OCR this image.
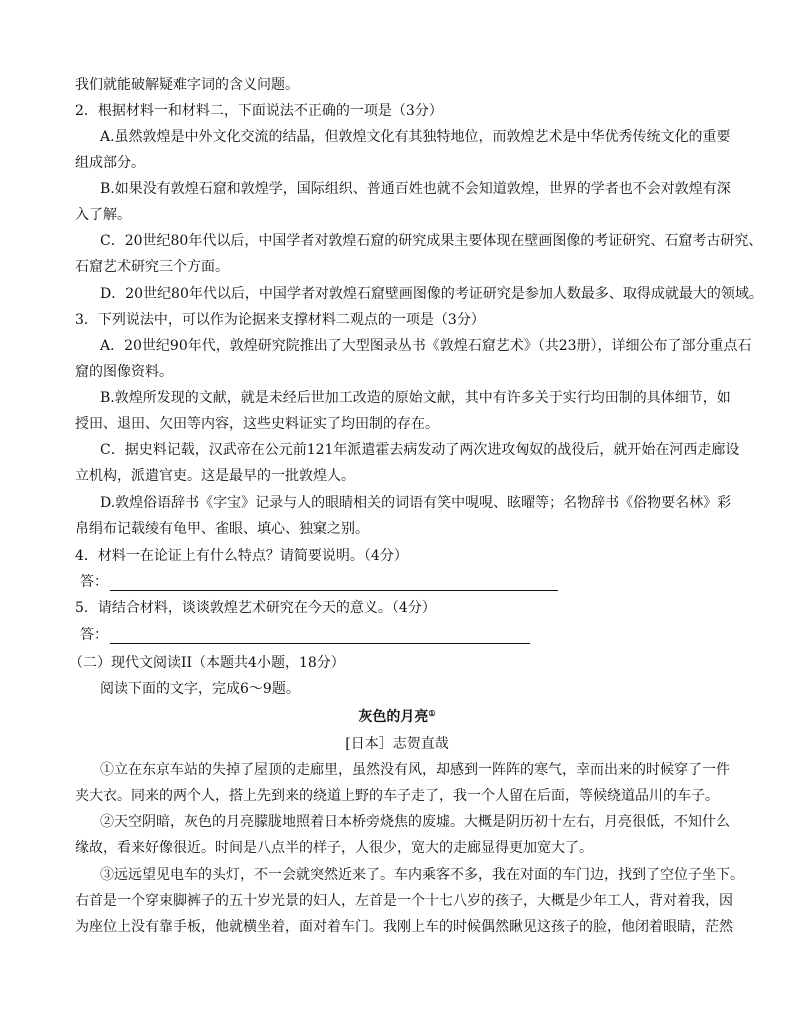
我们就能破解疑难字词的含义问题。
2．根据材料一和材料二，下面说法不正确的一项是（3分）
A.虽然敦煌是中外文化交流的结晶，但敦煌文化有其独特地位，而敦煌艺术是中华优秀传统文化的重要
组成部分。
B.如果没有敦煌石窟和敦煌学，国际组织、普通百姓也就不会知道敦煌，世界的学者也不会对敦煌有深
入了解。
C．20世纪80年代以后，中国学者对敦煌石窟的研究成果主要体现在壁画图像的考证研究、石窟考古研究、
石窟艺术研究三个方面。
D．20世纪80年代以后，中国学者对敦煌石窟壁画图像的考证研究是参加人数最多、取得成就最大的领域。
3．下列说法中，可以作为论据来支撑材料二观点的一项是（3分）
A．20世纪90年代，敦煌研究院推出了大型图录丛书《敦煌石窟艺术》（共23册），详细公布了部分重点石
窟的图像资料。
B.敦煌所发现的文献，就是未经后世加工改造的原始文献，其中有许多关于实行均田制的具体细节，如
授田、退田、欠田等内容，这些史料证实了均田制的存在。
C．据史料记载，汉武帝在公元前121年派遣霍去病发动了两次进攻匈奴的战役后，就开始在河西走廊设
立机构，派遣官吏。这是最早的一批敦煌人。
D.敦煌俗语辞书《字宝》记录与人的眼睛相关的词语有笑中哯哯、眩曜等；名物辞书《俗物要名林》彩
帛绢布记载绫有龟甲、雀眼、填心、独窠之别。
4．材料一在论证上有什么特点？请简要说明。（4分）
答：
5．请结合材料，谈谈敦煌艺术研究在今天的意义。（4分）
答：
（二）现代文阅读II（本题共4小题，18分）
阅读下面的文字，完成6～9题。
灰色的月亮①
[日本］志贺直哉
①立在东京车站的失掉了屋顶的走廊里，虽然没有风，却感到一阵阵的寒气，幸而出来的时候穿了一件
夹大衣。同来的两个人，搭上先到来的绕道上野的车子走了，我一个人留在后面，等候绕道品川的车子。
②天空阴暗，灰色的月亮朦胧地照着日本桥旁烧焦的废墟。大概是阴历初十左右，月亮很低，不知什么
缘故，看来好像很近。时间是八点半的样子，人很少，宽大的走廊显得更加宽大了。
③远远望见电车的头灯，不一会就突然近来了。车内乘客不多，我在对面的车门边，找到了空位子坐下。
右首是一个穿束脚裤子的五十岁光景的妇人，左首是一个十七八岁的孩子，大概是少年工人，背对着我，因
为座位上没有靠手板，他就横坐着，面对着车门。我刚上车的时候偶然瞅见这孩子的脸，他闭着眼睛，茫然
